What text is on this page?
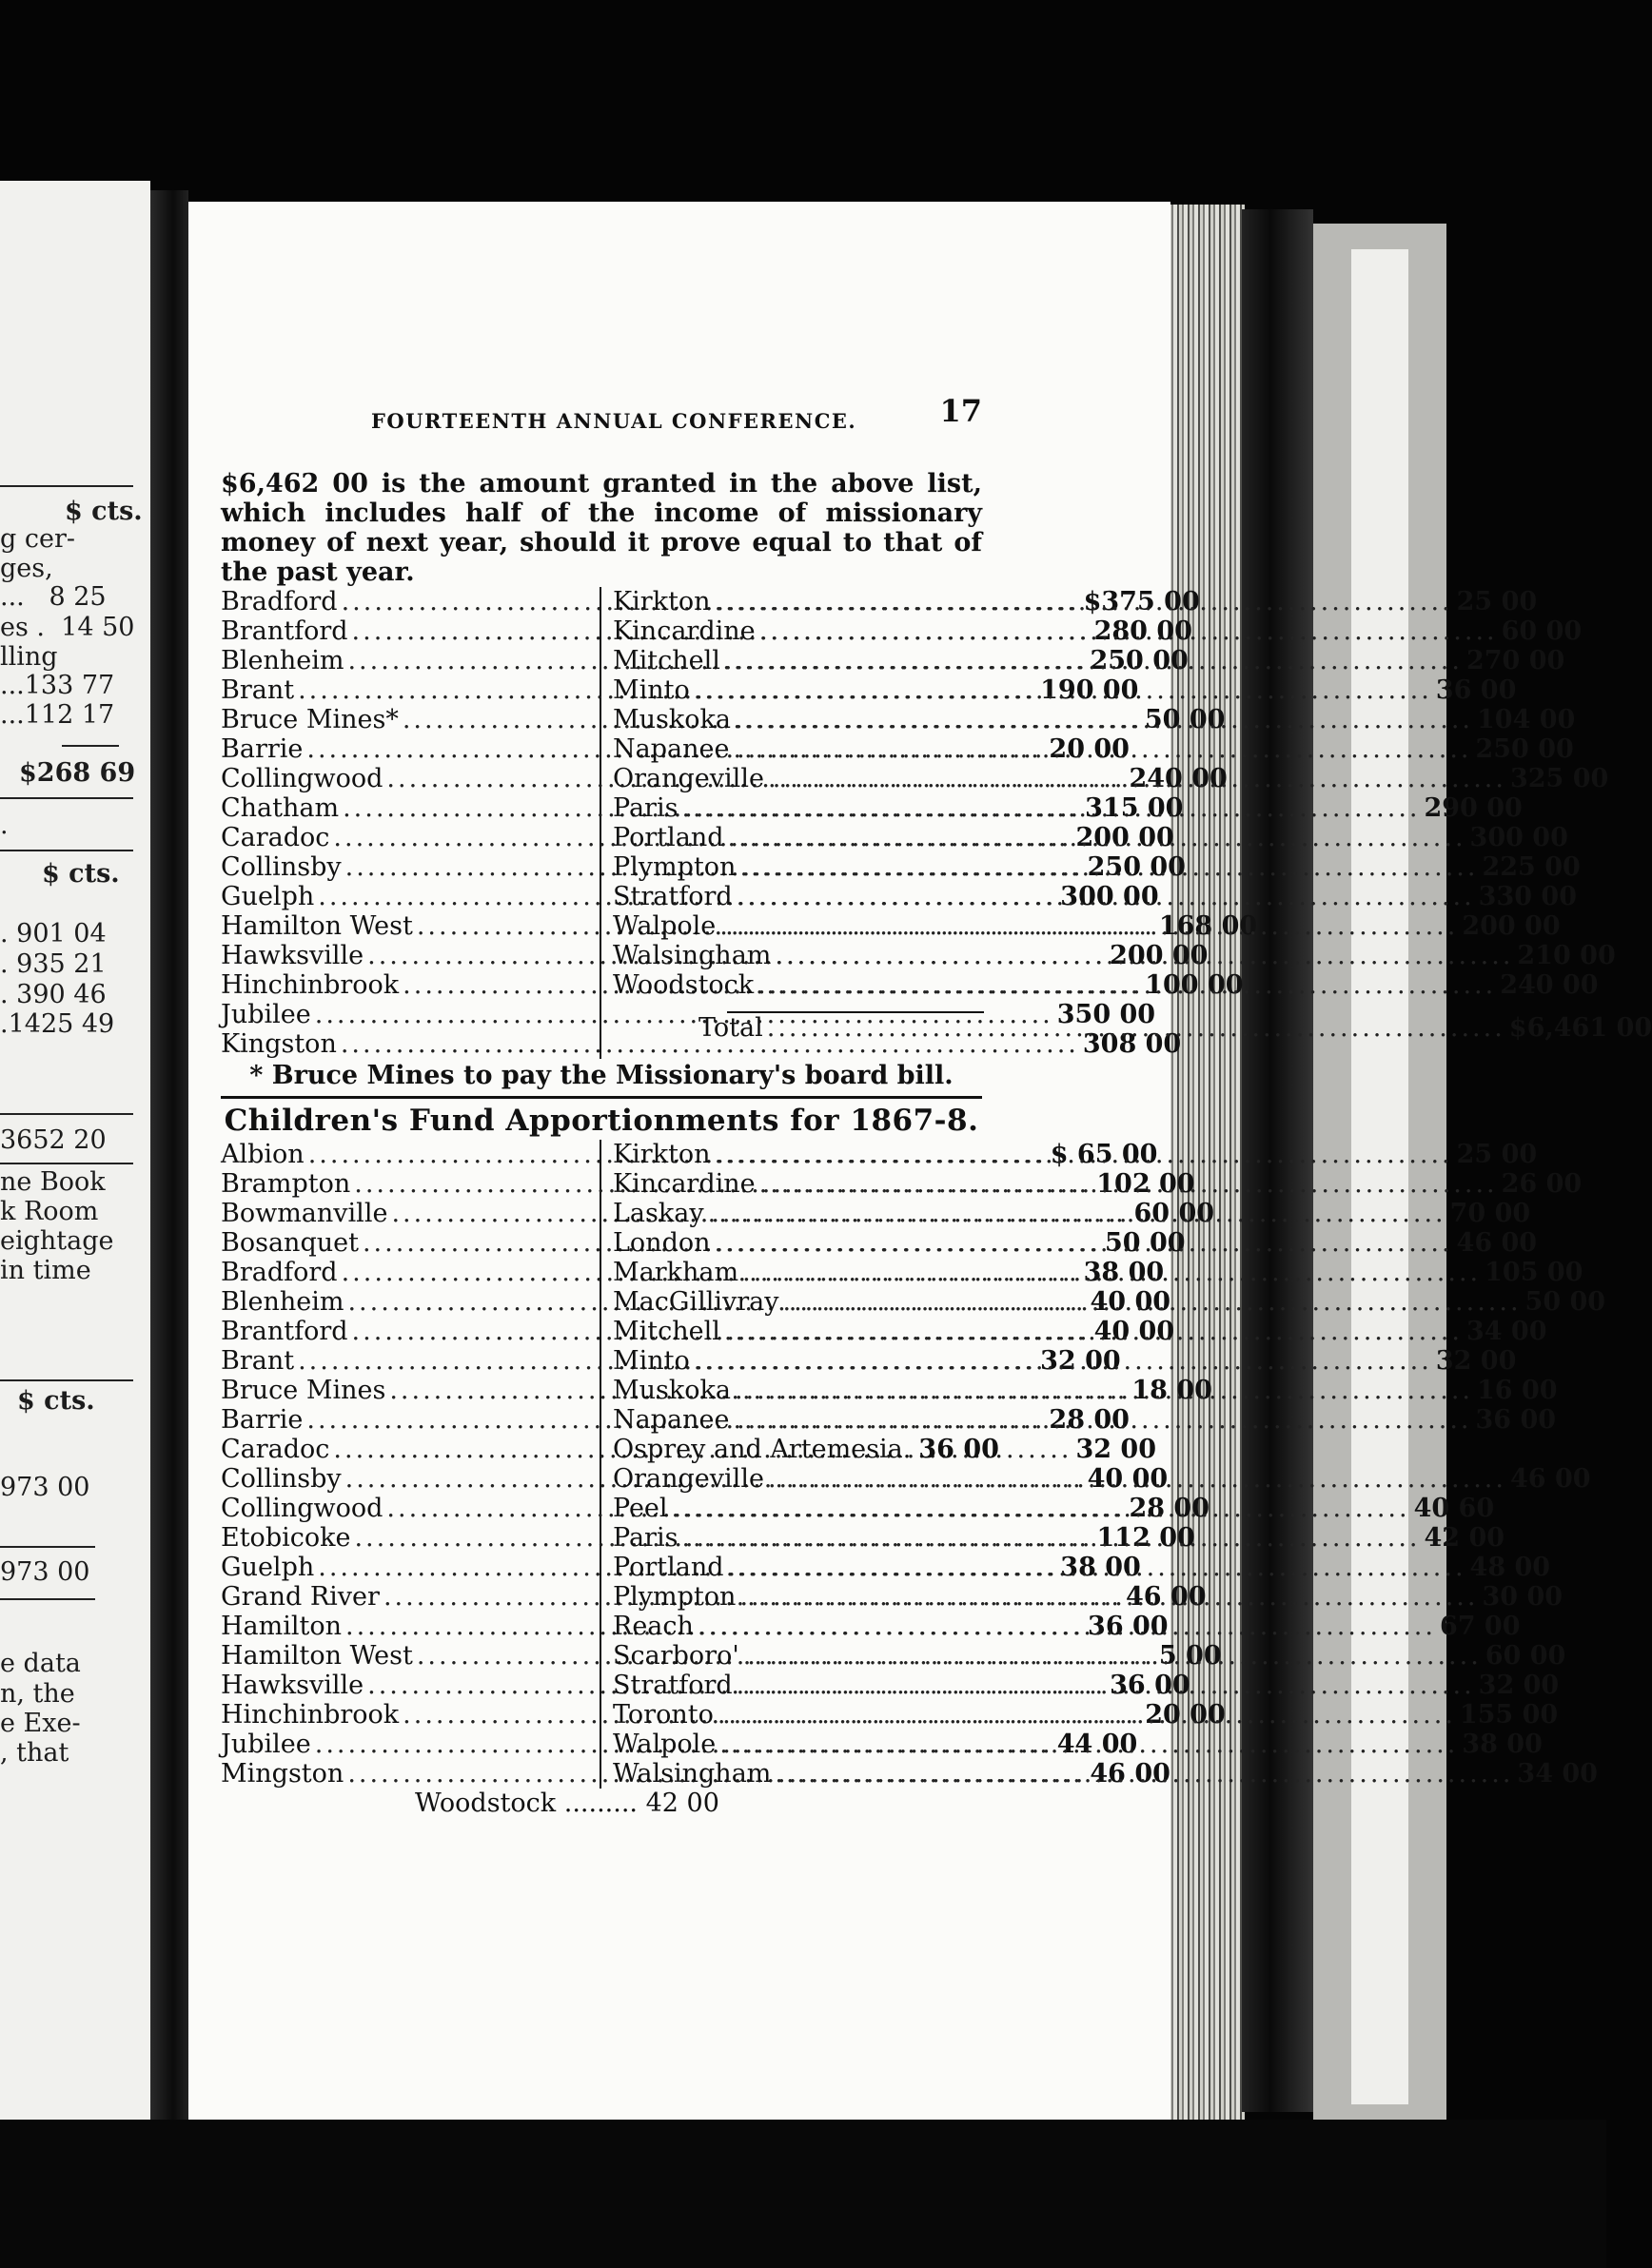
$ cts.
g cer-
ges,
...   8 25
es .  14 50
lling
...133 77
...112 17
$268 69
.
$ cts.
. 901 04
. 935 21
. 390 46
.1425 49
3652 20
ne Book
k Room
eightage
in time
$ cts.
973 00
973 00
e data
n, the
e Exe-
, that
FOURTEENTH ANNUAL CONFERENCE.	17
$6,462 00 is the amount granted in the above list, which includes half of the income of missionary money of next year, should it prove equal to that of the past year.
Bradford .....	$375 00
Brantford .....	280 00
Blenheim .....	250 00
Brant .....	190 00
Bruce Mines* .....	50 00
Barrie .....	20 00
Collingwood .....	240 00
Chatham .....	315 00
Caradoc .....	200 00
Collinsby .....	250 00
Guelph .....	300 00
Hamilton West .....	168 00
Hawksville .....	200 00
Hinchinbrook .....	100 00
Jubilee .....	350 00
Kingston .....	308 00
Kirkton .....	25 00
Kincardine .....	60 00
Mitchell .....	270 00
Minto .....	36 00
Muskoka .....	104 00
Napanee .....	250 00
Orangeville .....	325 00
Paris .....	290 00
Portland .....	300 00
Plympton .....	225 00
Stratford .....	330 00
Walpole .....	200 00
Walsingham .....	210 00
Woodstock .....	240 00
Total .....	$6,461 00
* Bruce Mines to pay the Missionary's board bill.
Children's Fund Apportionments for 1867-8.
Albion .....	$ 65 00
Brampton .....	102 00
Bowmanville .....	60 00
Bosanquet .....	50 00
Bradford .....	38 00
Blenheim .....	40 00
Brantford .....	40 00
Brant .....	32 00
Bruce Mines .....	18 00
Barrie .....	28 00
Caradoc .....	32 00
Collinsby .....	40 00
Collingwood .....	28 00
Etobicoke .....	112 00
Guelph .....	38 00
Grand River .....	46 00
Hamilton .....	36 00
Hamilton West .....	5 00
Hawksville .....	36 00
Hinchinbrook .....	20 00
Jubilee .....	44 00
Mingston .....	46 00
Kirkton .....	25 00
Kincardine .....	26 00
Laskay .....	70 00
London .....	46 00
Markham .....	105 00
MacGillivray .....	50 00
Mitchell .....	34 00
Minto .....	32 00
Muskoka .....	16 00
Napanee .....	36 00
Osprey and Artemesia. 36 00
Orangeville .....	46 00
Peel .....	40 60
Paris .....	42 00
Portland .....	48 00
Plympton .....	30 00
Reach .....	67 00
Scarboro' .....	60 00
Stratford .....	32 00
Toronto .....	155 00
Walpole .....	38 00
Walsingham .....	34 00
Woodstock ......... 42 00
